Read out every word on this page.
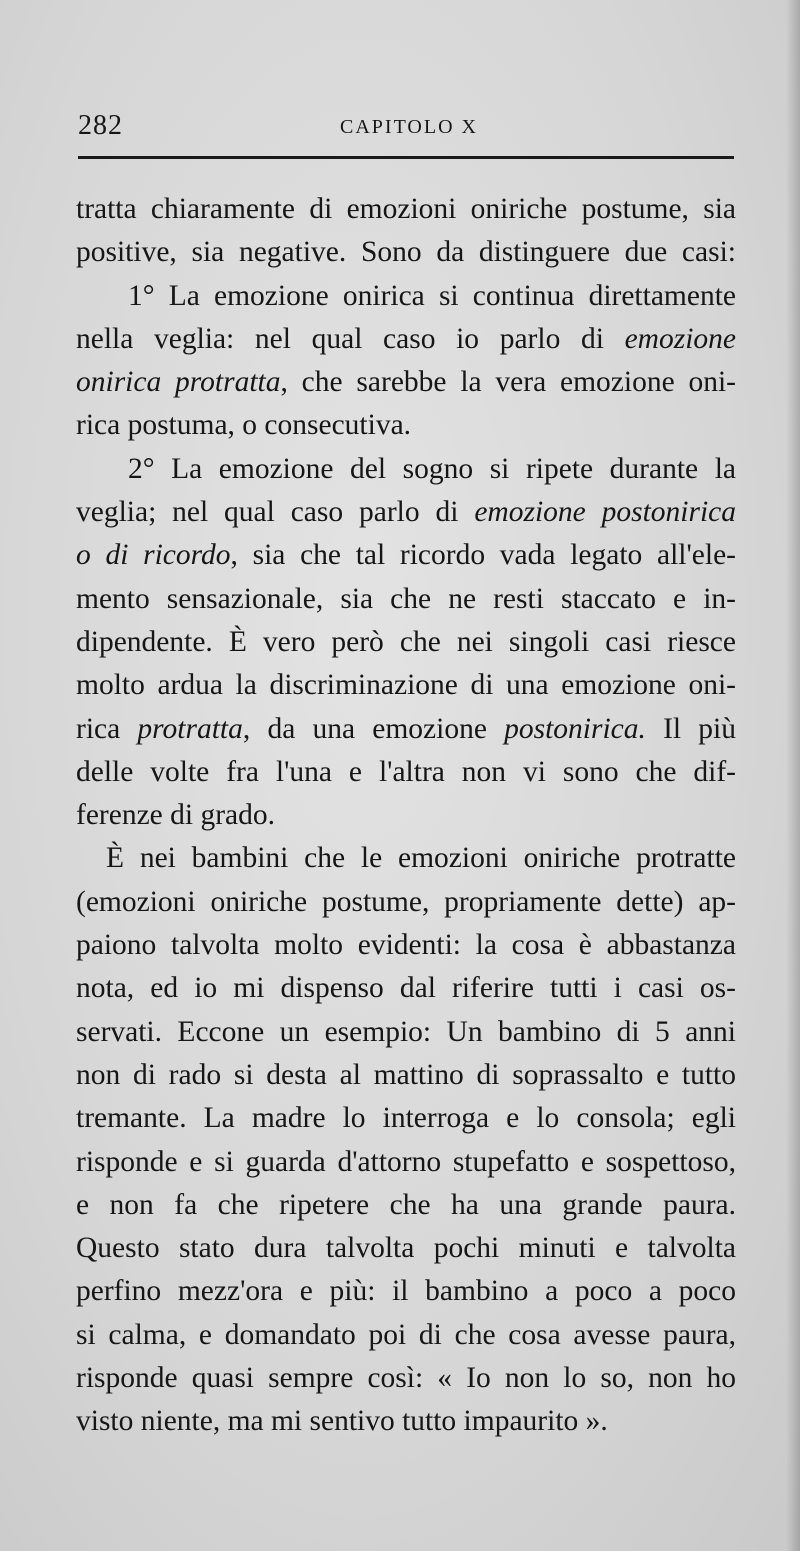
282	CAPITOLO X
tratta chiaramente di emozioni oniriche postume, sia
positive, sia negative. Sono da distinguere due casi:
1° La emozione onirica si continua direttamente
nella veglia: nel qual caso io parlo di emozione
onirica protratta, che sarebbe la vera emozione oni-
rica postuma, o consecutiva.
2° La emozione del sogno si ripete durante la
veglia; nel qual caso parlo di emozione postonirica
o di ricordo, sia che tal ricordo vada legato all'ele-
mento sensazionale, sia che ne resti staccato e in-
dipendente. È vero però che nei singoli casi riesce
molto ardua la discriminazione di una emozione oni-
rica protratta, da una emozione postonirica. Il più
delle volte fra l'una e l'altra non vi sono che dif-
ferenze di grado.
È nei bambini che le emozioni oniriche protratte
(emozioni oniriche postume, propriamente dette) ap-
paiono talvolta molto evidenti: la cosa è abbastanza
nota, ed io mi dispenso dal riferire tutti i casi os-
servati. Eccone un esempio: Un bambino di 5 anni
non di rado si desta al mattino di soprassalto e tutto
tremante. La madre lo interroga e lo consola; egli
risponde e si guarda d'attorno stupefatto e sospettoso,
e non fa che ripetere che ha una grande paura.
Questo stato dura talvolta pochi minuti e talvolta
perfino mezz'ora e più: il bambino a poco a poco
si calma, e domandato poi di che cosa avesse paura,
risponde quasi sempre così: « Io non lo so, non ho
visto niente, ma mi sentivo tutto impaurito ».
